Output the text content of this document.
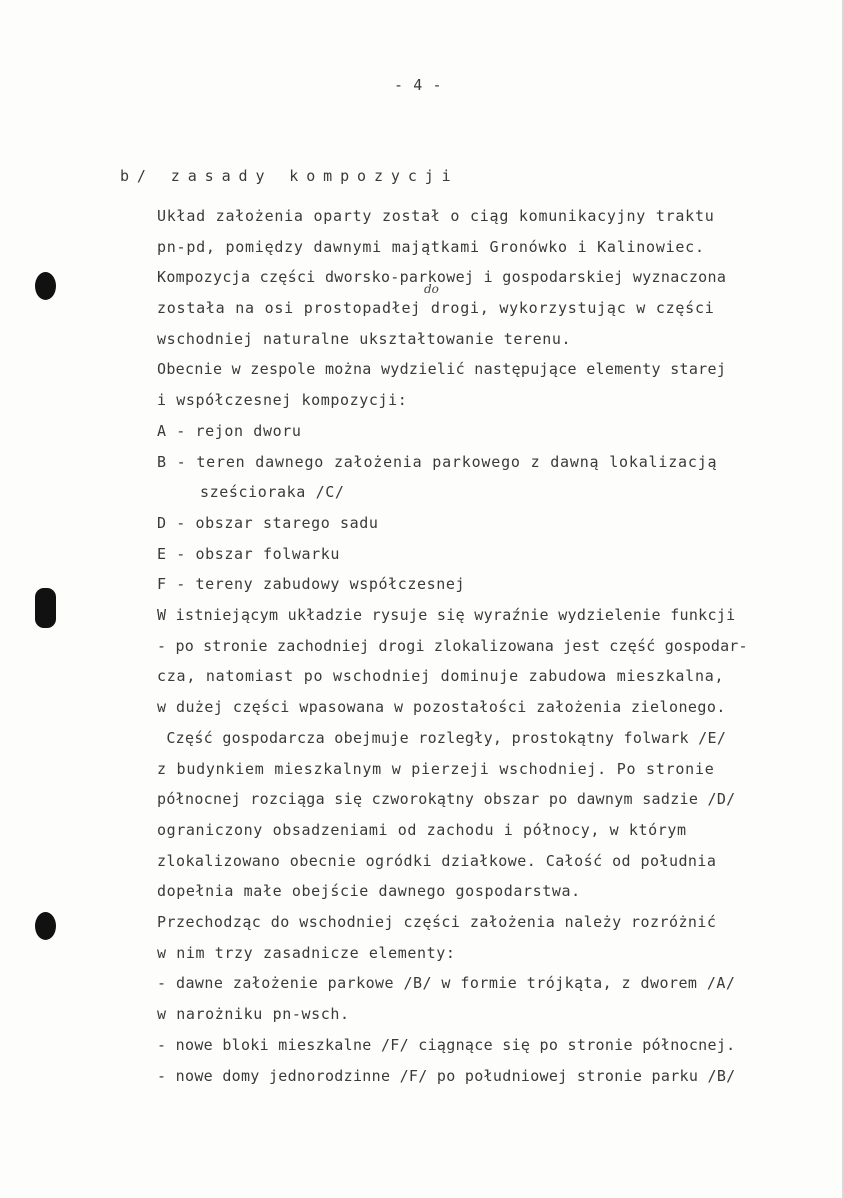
- 4 -
b/ zasady kompozycji
do
Układ założenia oparty został o ciąg komunikacyjny traktu
pn-pd, pomiędzy dawnymi majątkami Gronówko i Kalinowiec.
Kompozycja części dworsko-parkowej i gospodarskiej wyznaczona
została na osi prostopadłej drogi, wykorzystując w części
wschodniej naturalne ukształtowanie terenu.
Obecnie w zespole można wydzielić następujące elementy starej
i współczesnej kompozycji:
A - rejon dworu
B - teren dawnego założenia parkowego z dawną lokalizacją
sześcioraka /C/
D - obszar starego sadu
E - obszar folwarku
F - tereny zabudowy współczesnej
W istniejącym układzie rysuje się wyraźnie wydzielenie funkcji
- po stronie zachodniej drogi zlokalizowana jest część gospodar-
cza, natomiast po wschodniej dominuje zabudowa mieszkalna,
w dużej części wpasowana w pozostałości założenia zielonego.
Część gospodarcza obejmuje rozległy, prostokątny folwark /E/
z budynkiem mieszkalnym w pierzeji wschodniej. Po stronie
północnej rozciąga się czworokątny obszar po dawnym sadzie /D/
ograniczony obsadzeniami od zachodu i północy, w którym
zlokalizowano obecnie ogródki działkowe. Całość od południa
dopełnia małe obejście dawnego gospodarstwa.
Przechodząc do wschodniej części założenia należy rozróżnić
w nim trzy zasadnicze elementy:
- dawne założenie parkowe /B/ w formie trójkąta, z dworem /A/
w narożniku pn-wsch.
- nowe bloki mieszkalne /F/ ciągnące się po stronie północnej.
- nowe domy jednorodzinne /F/ po południowej stronie parku /B/
